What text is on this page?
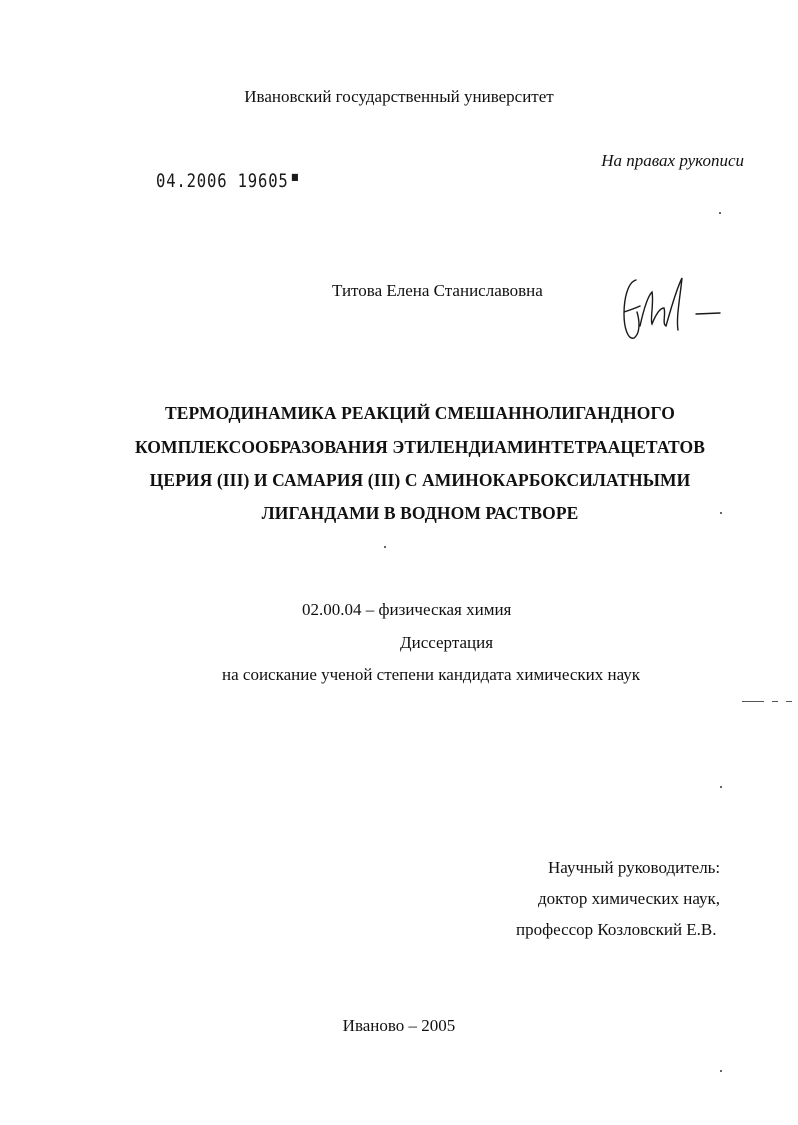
Ивановский государственный университет
На правах рукописи
04.2006 19605 ▀
Титова Елена Станиславовна
ТЕРМОДИНАМИКА РЕАКЦИЙ СМЕШАННОЛИГАНДНОГО
КОМПЛЕКСООБРАЗОВАНИЯ ЭТИЛЕНДИАМИНТЕТРААЦЕТАТОВ
ЦЕРИЯ (III) И САМАРИЯ (III) С АМИНОКАРБОКСИЛАТНЫМИ
ЛИГАНДАМИ В ВОДНОМ РАСТВОРЕ
02.00.04 – физическая химия
Диссертация
на соискание ученой степени кандидата химических наук
Научный руководитель:
доктор химических наук,
профессор Козловский Е.В.
Иваново – 2005
